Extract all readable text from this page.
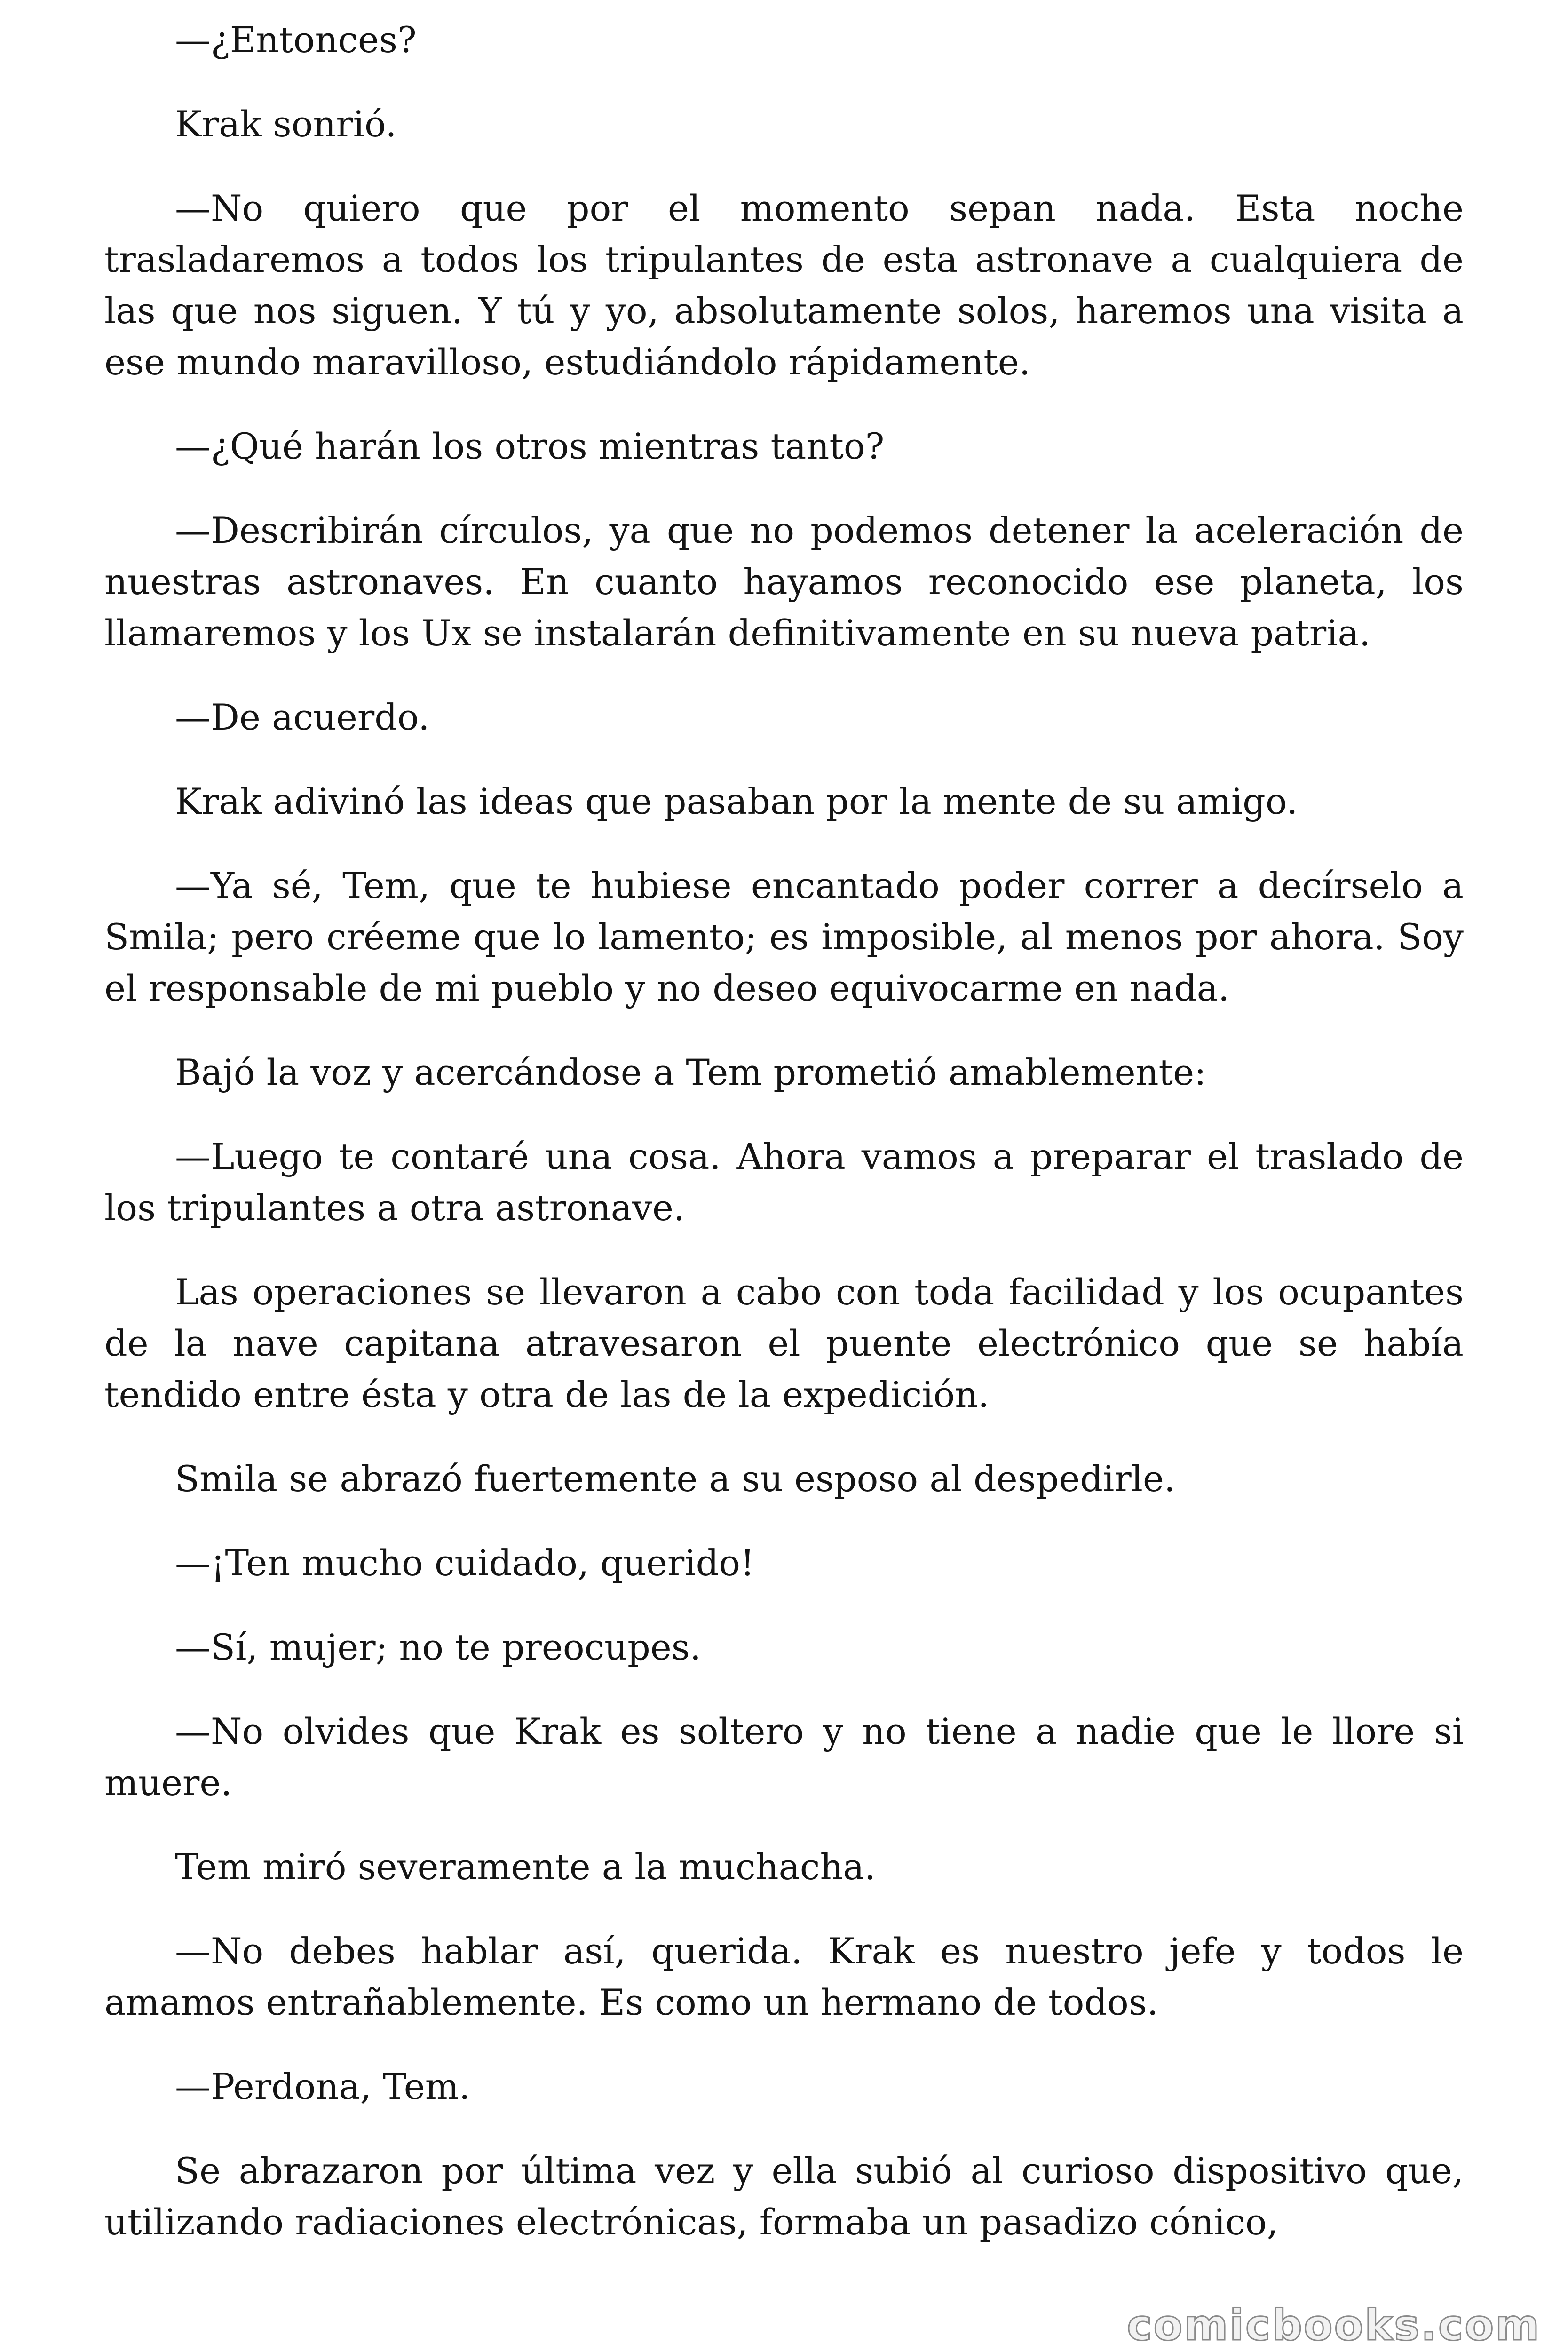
—¿Entonces?

Krak sonrió.

—No quiero que por el momento sepan nada. Esta noche trasladaremos a todos los tripulantes de esta astronave a cualquiera de las que nos siguen. Y tú y yo, absolutamente solos, haremos una visita a ese mundo maravilloso, estudiándolo rápidamente.

—¿Qué harán los otros mientras tanto?

—Describirán círculos, ya que no podemos detener la aceleración de nuestras astronaves. En cuanto hayamos reconocido ese planeta, los llamaremos y los Ux se instalarán definitivamente en su nueva patria.

—De acuerdo.

Krak adivinó las ideas que pasaban por la mente de su amigo.

—Ya sé, Tem, que te hubiese encantado poder correr a decírselo a Smila; pero créeme que lo lamento; es imposible, al menos por ahora. Soy el responsable de mi pueblo y no deseo equivocarme en nada.

Bajó la voz y acercándose a Tem prometió amablemente:

—Luego te contaré una cosa. Ahora vamos a preparar el traslado de los tripulantes a otra astronave.

Las operaciones se llevaron a cabo con toda facilidad y los ocupantes de la nave capitana atravesaron el puente electrónico que se había tendido entre ésta y otra de las de la expedición.

Smila se abrazó fuertemente a su esposo al despedirle.

—¡Ten mucho cuidado, querido!

—Sí, mujer; no te preocupes.

—No olvides que Krak es soltero y no tiene a nadie que le llore si muere.

Tem miró severamente a la muchacha.

—No debes hablar así, querida. Krak es nuestro jefe y todos le amamos entrañablemente. Es como un hermano de todos.

—Perdona, Tem.

Se abrazaron por última vez y ella subió al curioso dispositivo que, utilizando radiaciones electrónicas, formaba un pasadizo cónico,

comicbooks.com
